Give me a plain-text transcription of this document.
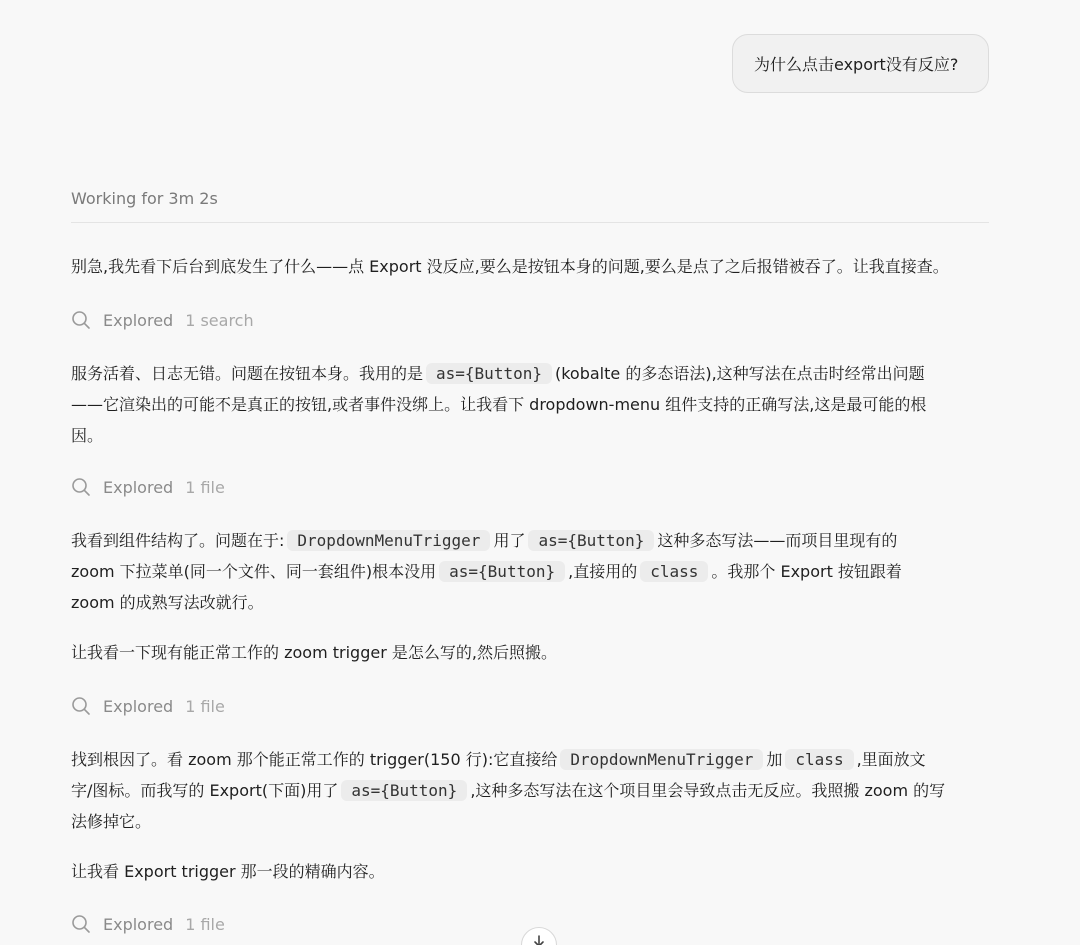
为什么点击export没有反应?
Working for 3m 2s
别急,我先看下后台到底发生了什么——点 Export 没反应,要么是按钮本身的问题,要么是点了之后报错被吞了。让我直接查。
Explored 1 search
服务活着、日志无错。问题在按钮本身。我用的是 as={Button} (kobalte 的多态语法),这种写法在点击时经常出问题
——它渲染出的可能不是真正的按钮,或者事件没绑上。让我看下 dropdown-menu 组件支持的正确写法,这是最可能的根
因。
Explored 1 file
我看到组件结构了。问题在于: DropdownMenuTrigger 用了 as={Button} 这种多态写法——而项目里现有的
zoom 下拉菜单(同一个文件、同一套组件)根本没用 as={Button} ,直接用的 class 。我那个 Export 按钮跟着
zoom 的成熟写法改就行。
让我看一下现有能正常工作的 zoom trigger 是怎么写的,然后照搬。
Explored 1 file
找到根因了。看 zoom 那个能正常工作的 trigger(150 行):它直接给 DropdownMenuTrigger 加 class ,里面放文
字/图标。而我写的 Export(下面)用了 as={Button} ,这种多态写法在这个项目里会导致点击无反应。我照搬 zoom 的写
法修掉它。
让我看 Export trigger 那一段的精确内容。
Explored 1 file
